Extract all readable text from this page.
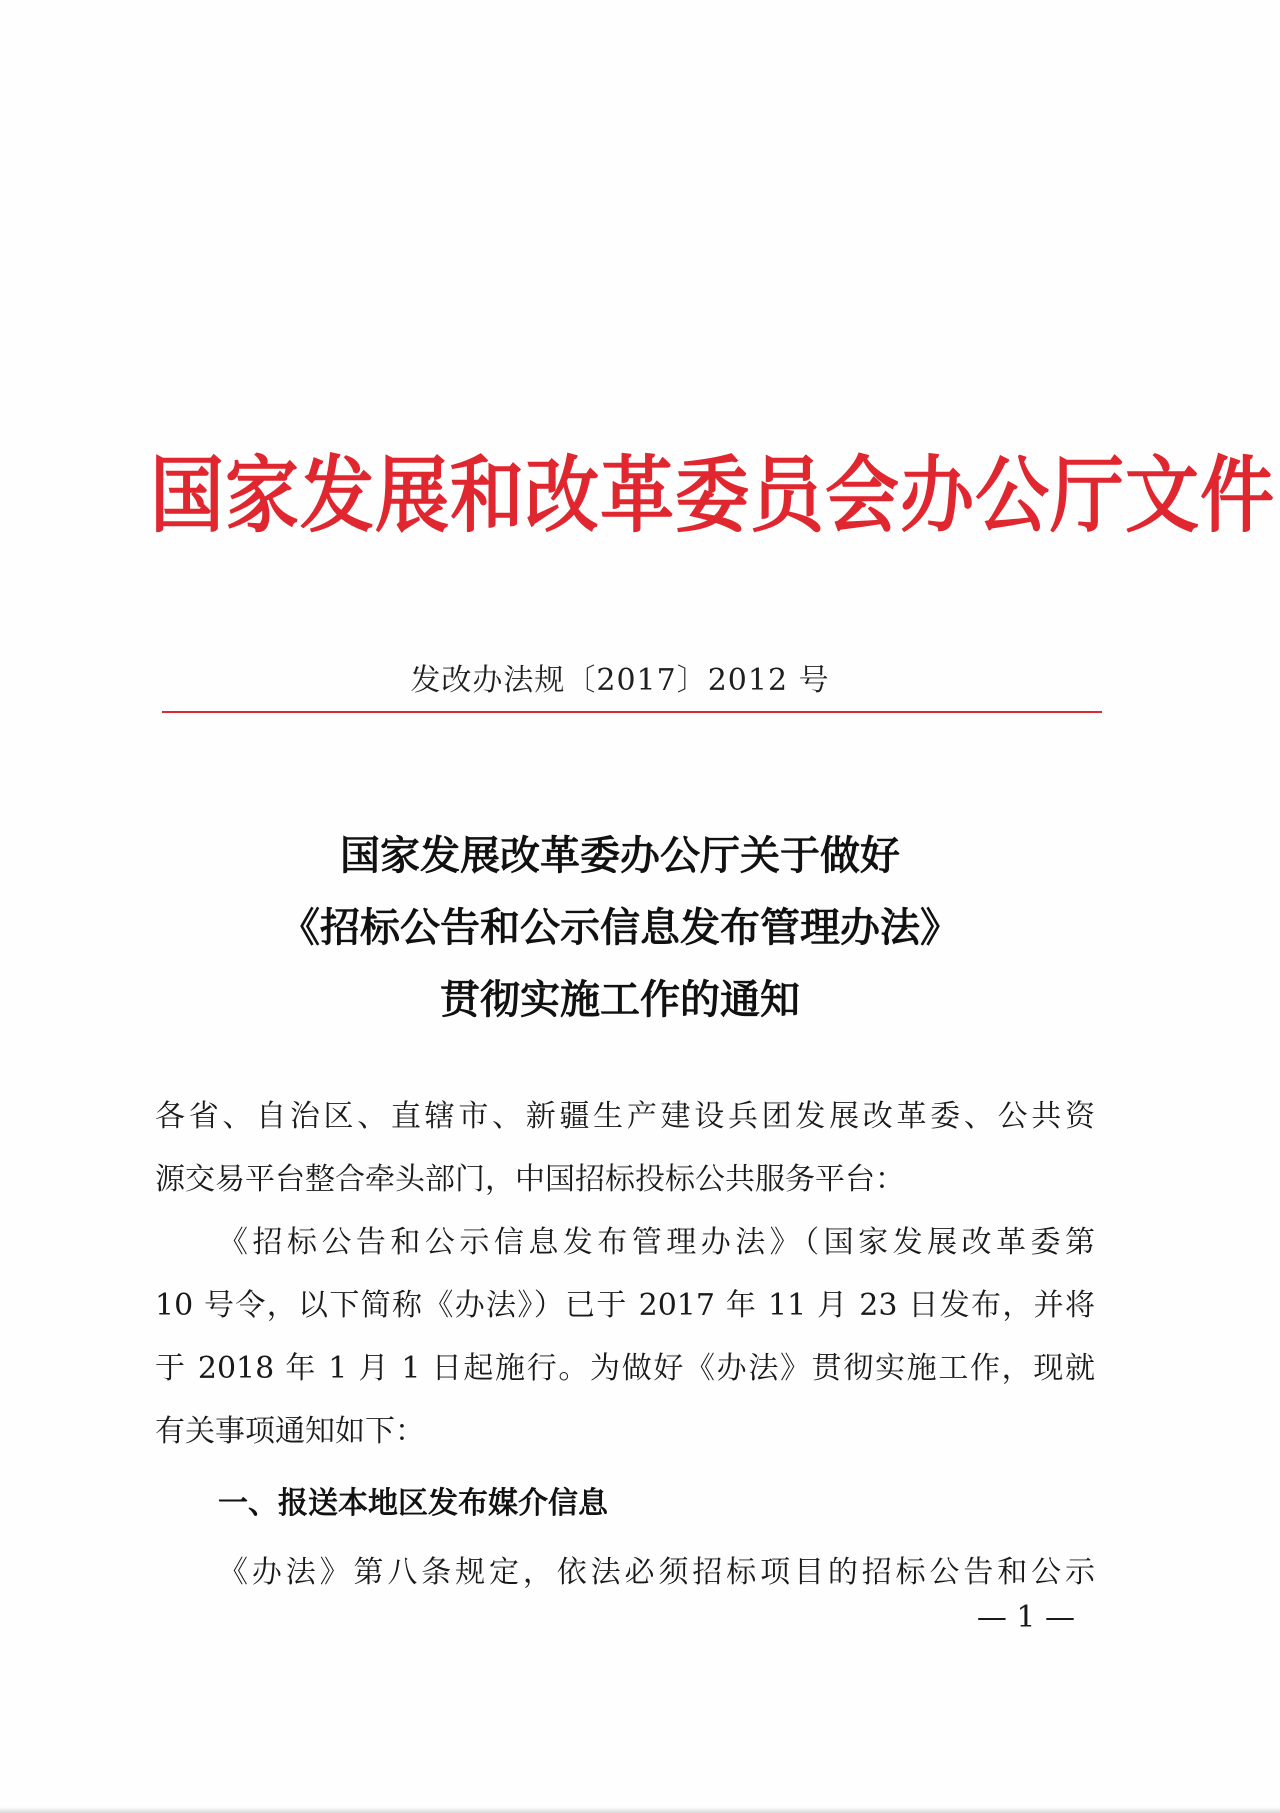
国家发展和改革委员会办公厅文件
发改办法规〔2017〕2012 号
国家发展改革委办公厅关于做好
《招标公告和公示信息发布管理办法》
贯彻实施工作的通知
各省、自治区、直辖市、新疆生产建设兵团发展改革委、公共资
源交易平台整合牵头部门，中国招标投标公共服务平台：
《招标公告和公示信息发布管理办法》（国家发展改革委第
10 号令，以下简称《办法》）已于 2017 年 11 月 23 日发布，并将
于 2018 年 1 月 1 日起施行。为做好《办法》贯彻实施工作，现就
有关事项通知如下：
一、报送本地区发布媒介信息
《办法》第八条规定，依法必须招标项目的招标公告和公示
— 1 —
